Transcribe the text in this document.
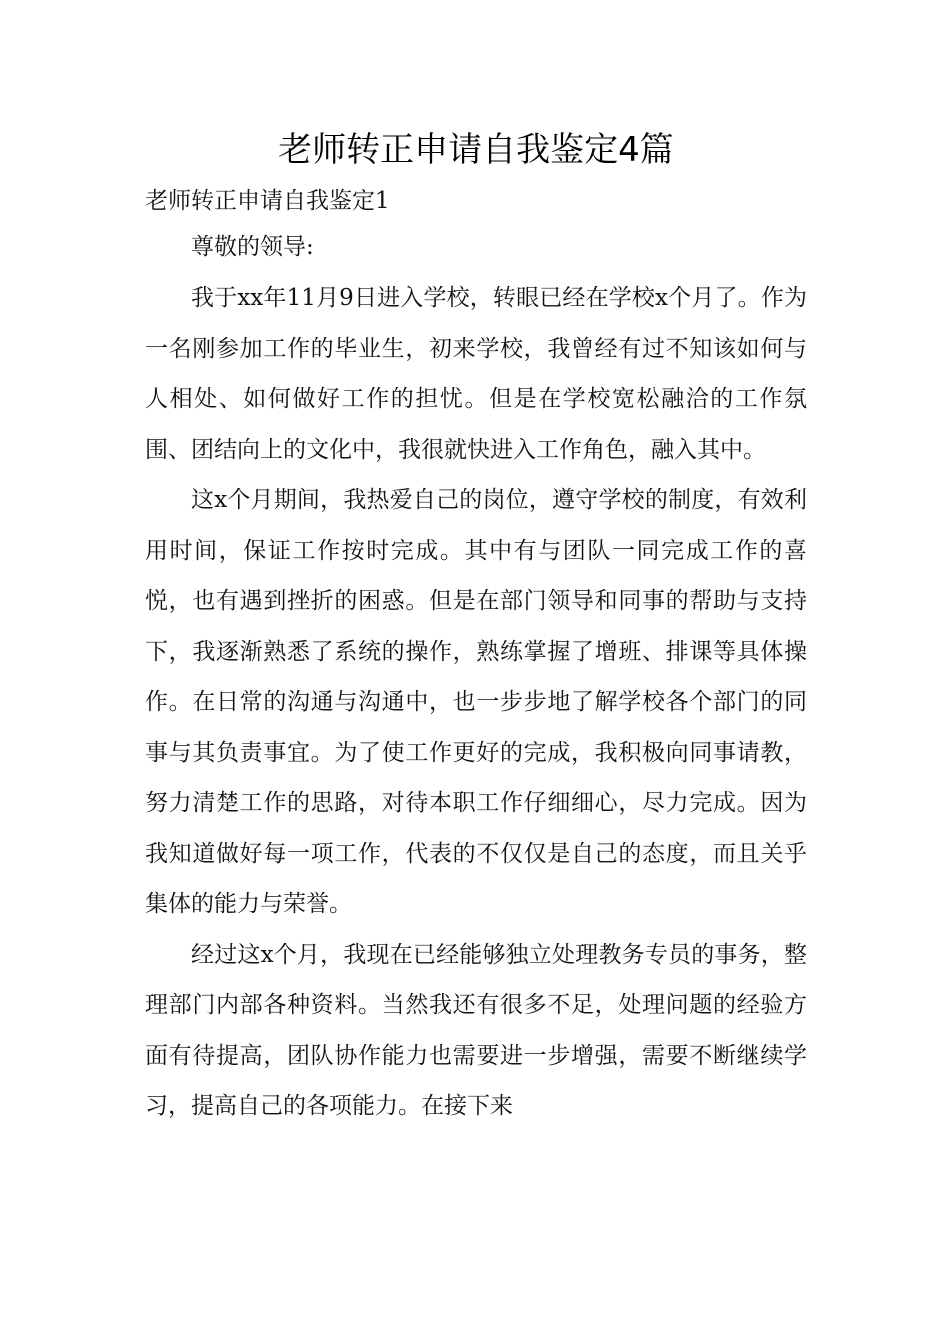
老师转正申请自我鉴定4篇
老师转正申请自我鉴定1
尊敬的领导:

我于xx年11月9日进入学校，转眼已经在学校x个月了。作为一名刚参加工作的毕业生，初来学校，我曾经有过不知该如何与人相处、如何做好工作的担忧。但是在学校宽松融洽的工作氛围、团结向上的文化中，我很就快进入工作角色，融入其中。

这x个月期间，我热爱自己的岗位，遵守学校的制度，有效利用时间，保证工作按时完成。其中有与团队一同完成工作的喜悦，也有遇到挫折的困惑。但是在部门领导和同事的帮助与支持下，我逐渐熟悉了系统的操作，熟练掌握了增班、排课等具体操作。在日常的沟通与沟通中，也一步步地了解学校各个部门的同事与其负责事宜。为了使工作更好的完成，我积极向同事请教，努力清楚工作的思路，对待本职工作仔细细心，尽力完成。因为我知道做好每一项工作，代表的不仅仅是自己的态度，而且关乎集体的能力与荣誉。

经过这x个月，我现在已经能够独立处理教务专员的事务，整理部门内部各种资料。当然我还有很多不足，处理问题的经验方面有待提高，团队协作能力也需要进一步增强，需要不断继续学习，提高自己的各项能力。在接下来
